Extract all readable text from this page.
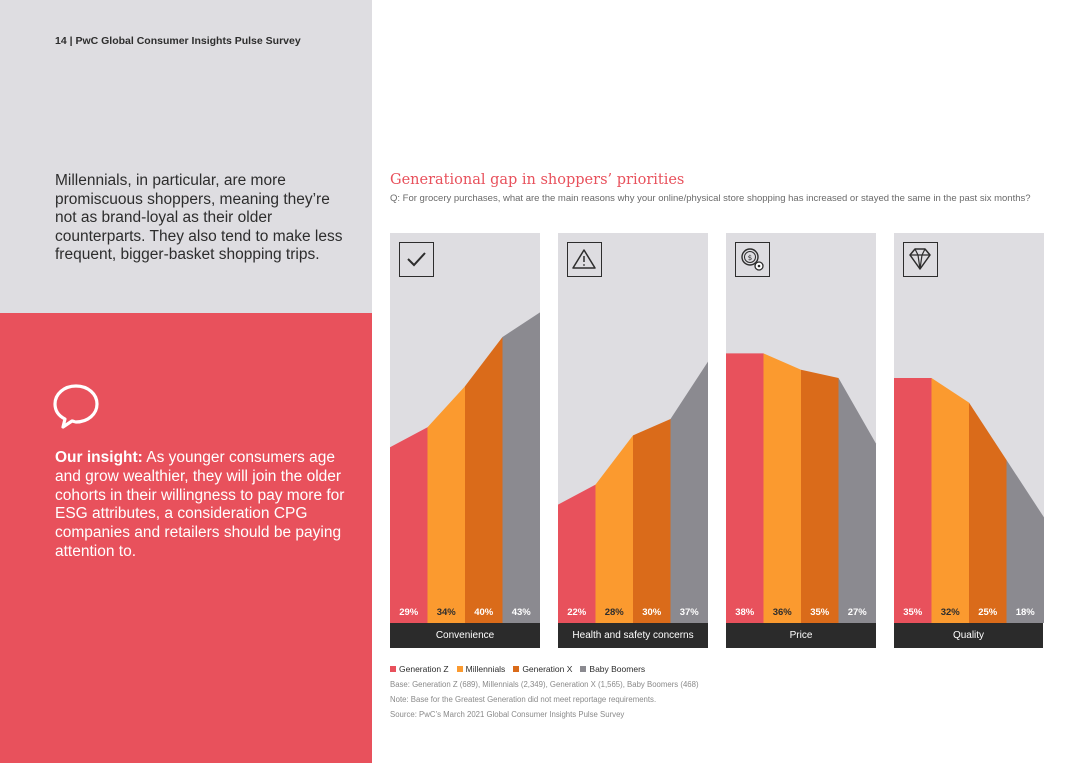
14 | PwC Global Consumer Insights Pulse Survey
Millennials, in particular, are more promiscuous shoppers, meaning they’re not as brand-loyal as their older counterparts. They also tend to make less frequent, bigger-basket shopping trips.
Our insight: As younger consumers age and grow wealthier, they will join the older cohorts in their willingness to pay more for ESG attributes, a consideration CPG companies and retailers should be paying attention to.
Generational gap in shoppers’ priorities
Q: For grocery purchases, what are the main reasons why your online/physical store shopping has increased or stayed the same in the past six months?
29% 34% 40% 43%	22% 28% 30% 37%	38% 36% 35% 27%	35% 32% 25% 18%
Convenience	Health and safety concerns	Price	Quality
$
Generation Z Millennials Generation X Baby Boomers
Base: Generation Z (689), Millennials (2,349), Generation X (1,565), Baby Boomers (468)
Note: Base for the Greatest Generation did not meet reportage requirements.
Source: PwC’s March 2021 Global Consumer Insights Pulse Survey
